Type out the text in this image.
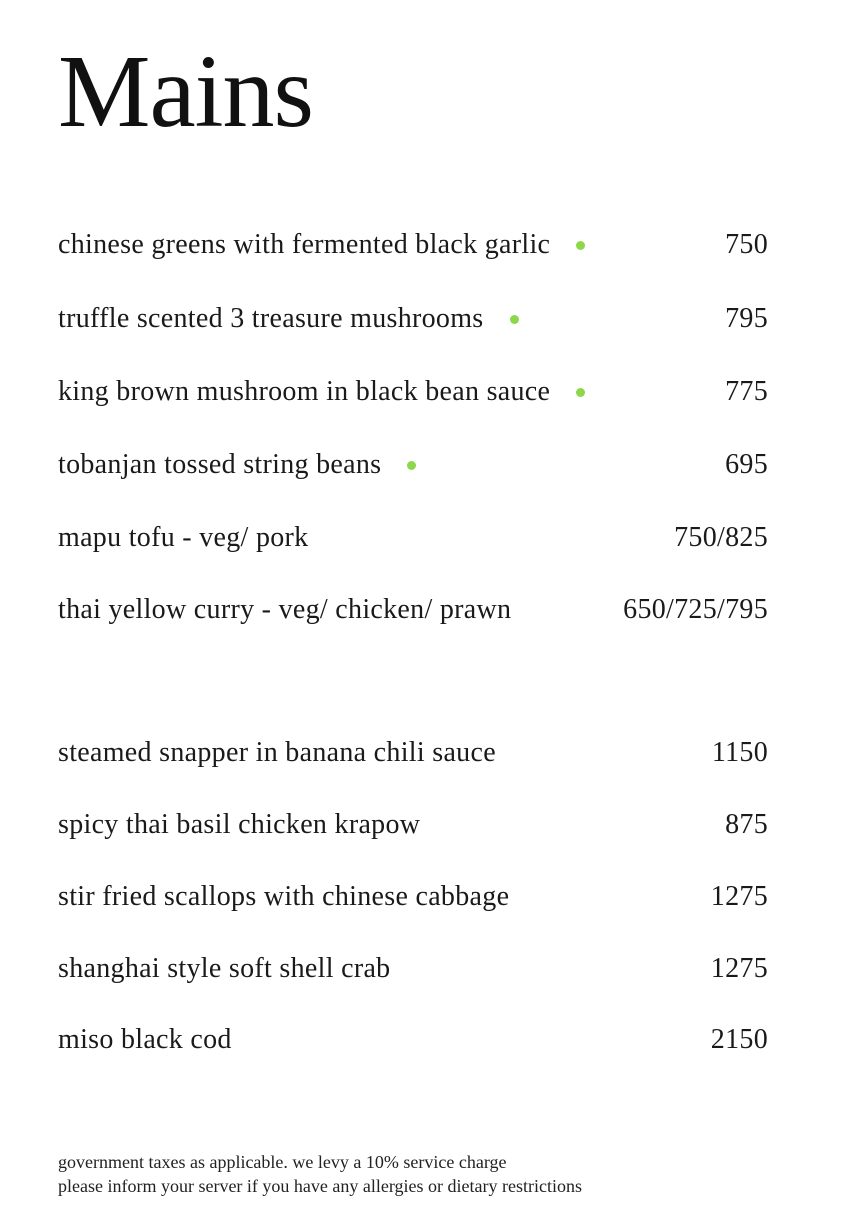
Mains
chinese greens with fermented black garlic	750
truffle scented 3 treasure mushrooms	795
king brown mushroom in black bean sauce	775
tobanjan tossed string beans	695
mapu tofu - veg/ pork	750/825
thai yellow curry - veg/ chicken/ prawn	650/725/795
steamed snapper in banana chili sauce	1150
spicy thai basil chicken krapow	875
stir fried scallops with chinese cabbage	1275
shanghai style soft shell crab	1275
miso black cod	2150
government taxes as applicable. we levy a 10% service charge
please inform your server if you have any allergies or dietary restrictions
